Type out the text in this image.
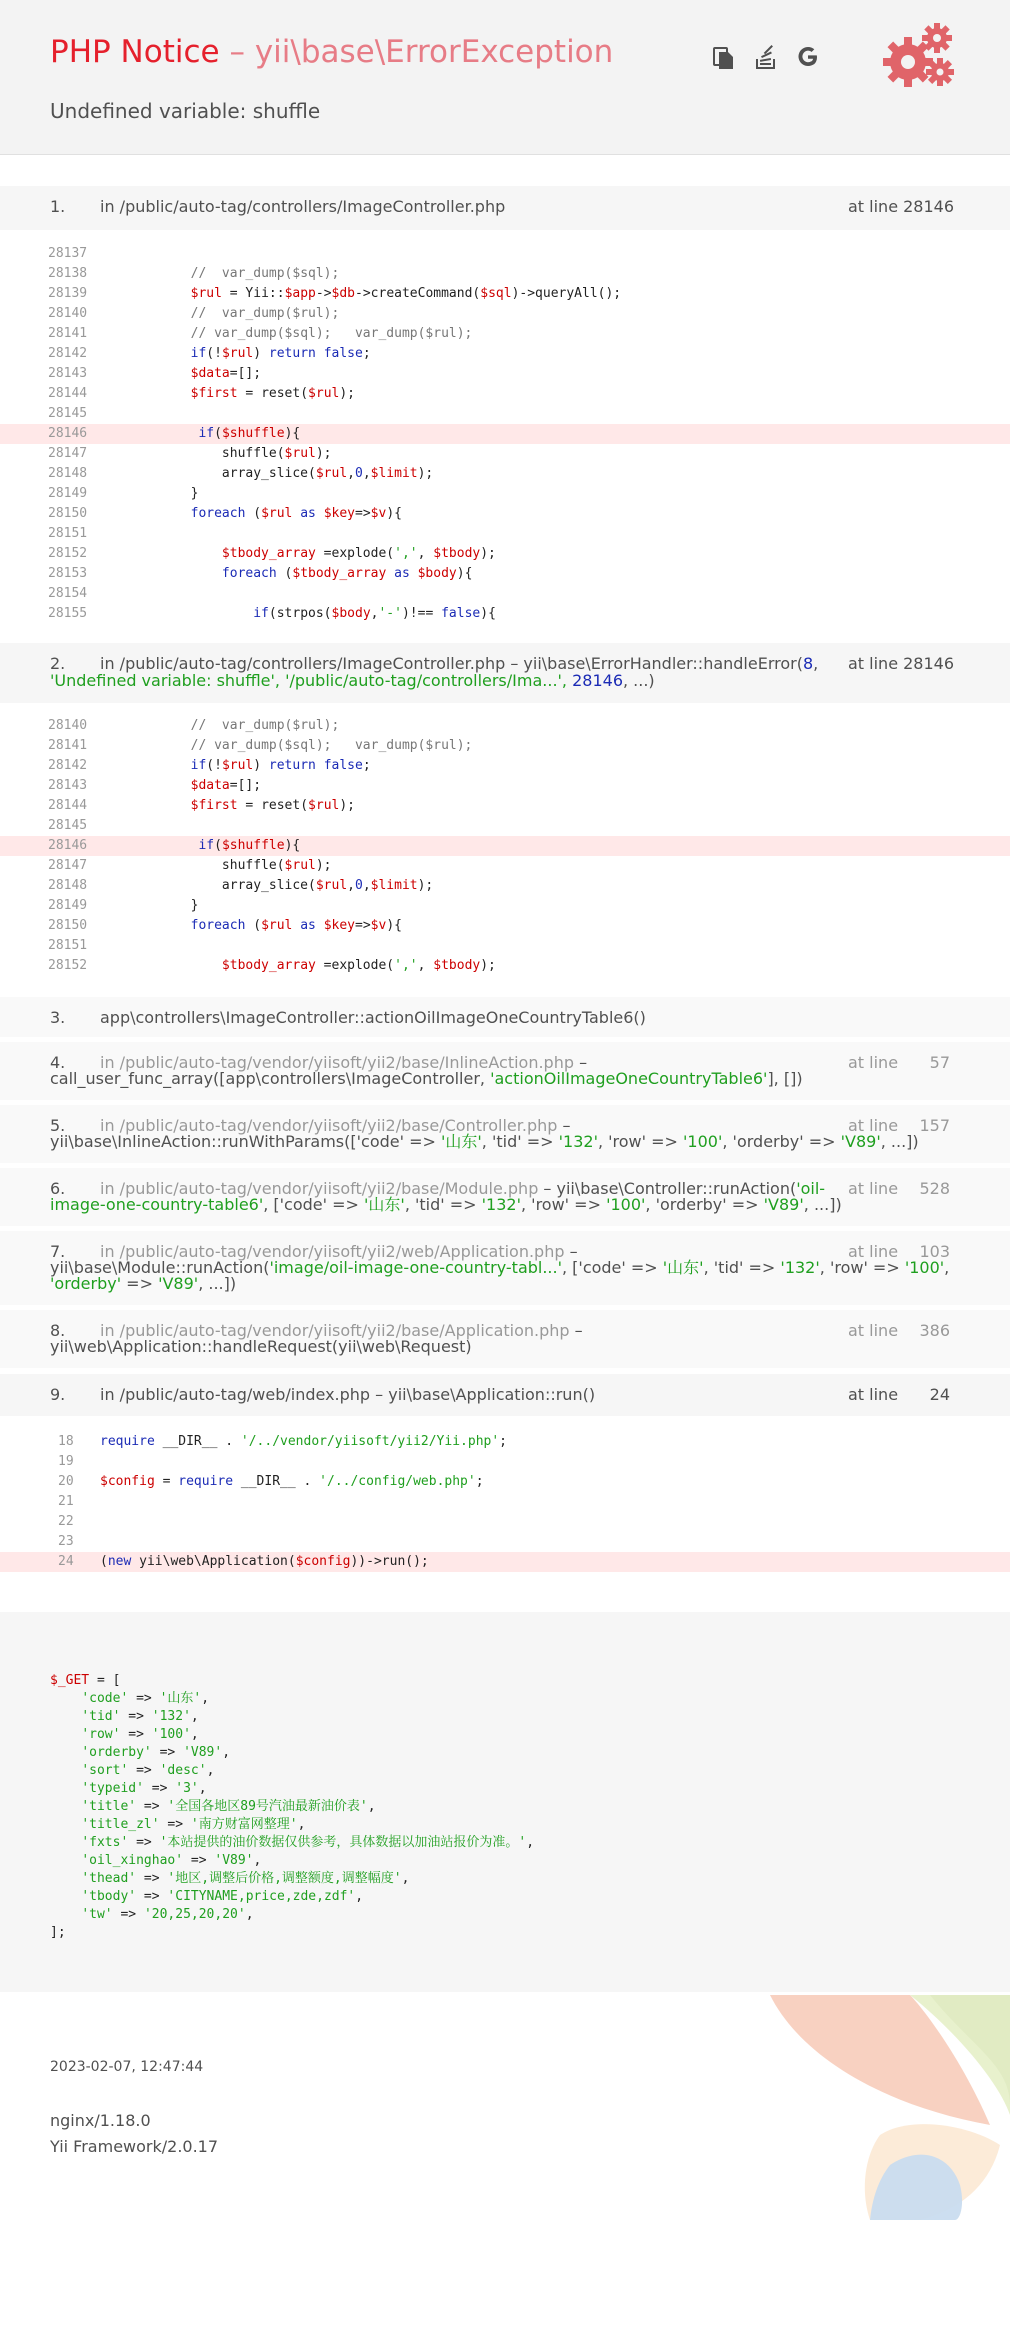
PHP Notice – yii\base\ErrorException
Undefined variable: shuffle
1. in /public/auto-tag/controllers/ImageController.php	at line 28146
28137
28138	//  var_dump($sql);
28139	$rul = Yii::$app->$db->createCommand($sql)->queryAll();
28140	//  var_dump($rul);
28141	// var_dump($sql);   var_dump($rul);
28142	if(!$rul) return false;
28143	$data=[];
28144	$first = reset($rul);
28145
28146	if($shuffle){
28147	shuffle($rul);
28148	array_slice($rul,0,$limit);
28149	}
28150	foreach ($rul as $key=>$v){
28151
28152	$tbody_array =explode(',', $tbody);
28153	foreach ($tbody_array as $body){
28154
28155	if(strpos($body,'-')!== false){
2. in /public/auto-tag/controllers/ImageController.php – yii\base\ErrorHandler::handleError(8,
'Undefined variable: shuffle', '/public/auto-tag/controllers/Ima...', 28146, ...)
at line 28146
28140	//  var_dump($rul);
28141	// var_dump($sql);   var_dump($rul);
28142	if(!$rul) return false;
28143	$data=[];
28144	$first = reset($rul);
28145
28146	if($shuffle){
28147	shuffle($rul);
28148	array_slice($rul,0,$limit);
28149	}
28150	foreach ($rul as $key=>$v){
28151
28152	$tbody_array =explode(',', $tbody);
3. app\controllers\ImageController::actionOilImageOneCountryTable6()
4. in /public/auto-tag/vendor/yiisoft/yii2/base/InlineAction.php –
call_user_func_array([app\controllers\ImageController, 'actionOilImageOneCountryTable6'], [])
at line 57
5. in /public/auto-tag/vendor/yiisoft/yii2/base/Controller.php –
yii\base\InlineAction::runWithParams(['code' => '山东', 'tid' => '132', 'row' => '100', 'orderby' => 'V89', ...])
at line 157
6. in /public/auto-tag/vendor/yiisoft/yii2/base/Module.php – yii\base\Controller::runAction('oil-
image-one-country-table6', ['code' => '山东', 'tid' => '132', 'row' => '100', 'orderby' => 'V89', ...])
at line 528
7. in /public/auto-tag/vendor/yiisoft/yii2/web/Application.php –
yii\base\Module::runAction('image/oil-image-one-country-tabl...', ['code' => '山东', 'tid' => '132', 'row' => '100',
'orderby' => 'V89', ...])
at line 103
8. in /public/auto-tag/vendor/yiisoft/yii2/base/Application.php –
yii\web\Application::handleRequest(yii\web\Request)
at line 386
9. in /public/auto-tag/web/index.php – yii\base\Application::run()	at line 24
18 require __DIR__ . '/../vendor/yiisoft/yii2/Yii.php';
19
20 $config = require __DIR__ . '/../config/web.php';
21
22
23
24 (new yii\web\Application($config))->run();
$_GET = [
'code' => '山东',
'tid' => '132',
'row' => '100',
'orderby' => 'V89',
'sort' => 'desc',
'typeid' => '3',
'title' => '全国各地区89号汽油最新油价表',
'title_zl' => '南方财富网整理',
'fxts' => '本站提供的油价数据仅供参考，具体数据以加油站报价为准。',
'oil_xinghao' => 'V89',
'thead' => '地区,调整后价格,调整额度,调整幅度',
'tbody' => 'CITYNAME,price,zde,zdf',
'tw' => '20,25,20,20',
];
2023-02-07, 12:47:44
nginx/1.18.0
Yii Framework/2.0.17
